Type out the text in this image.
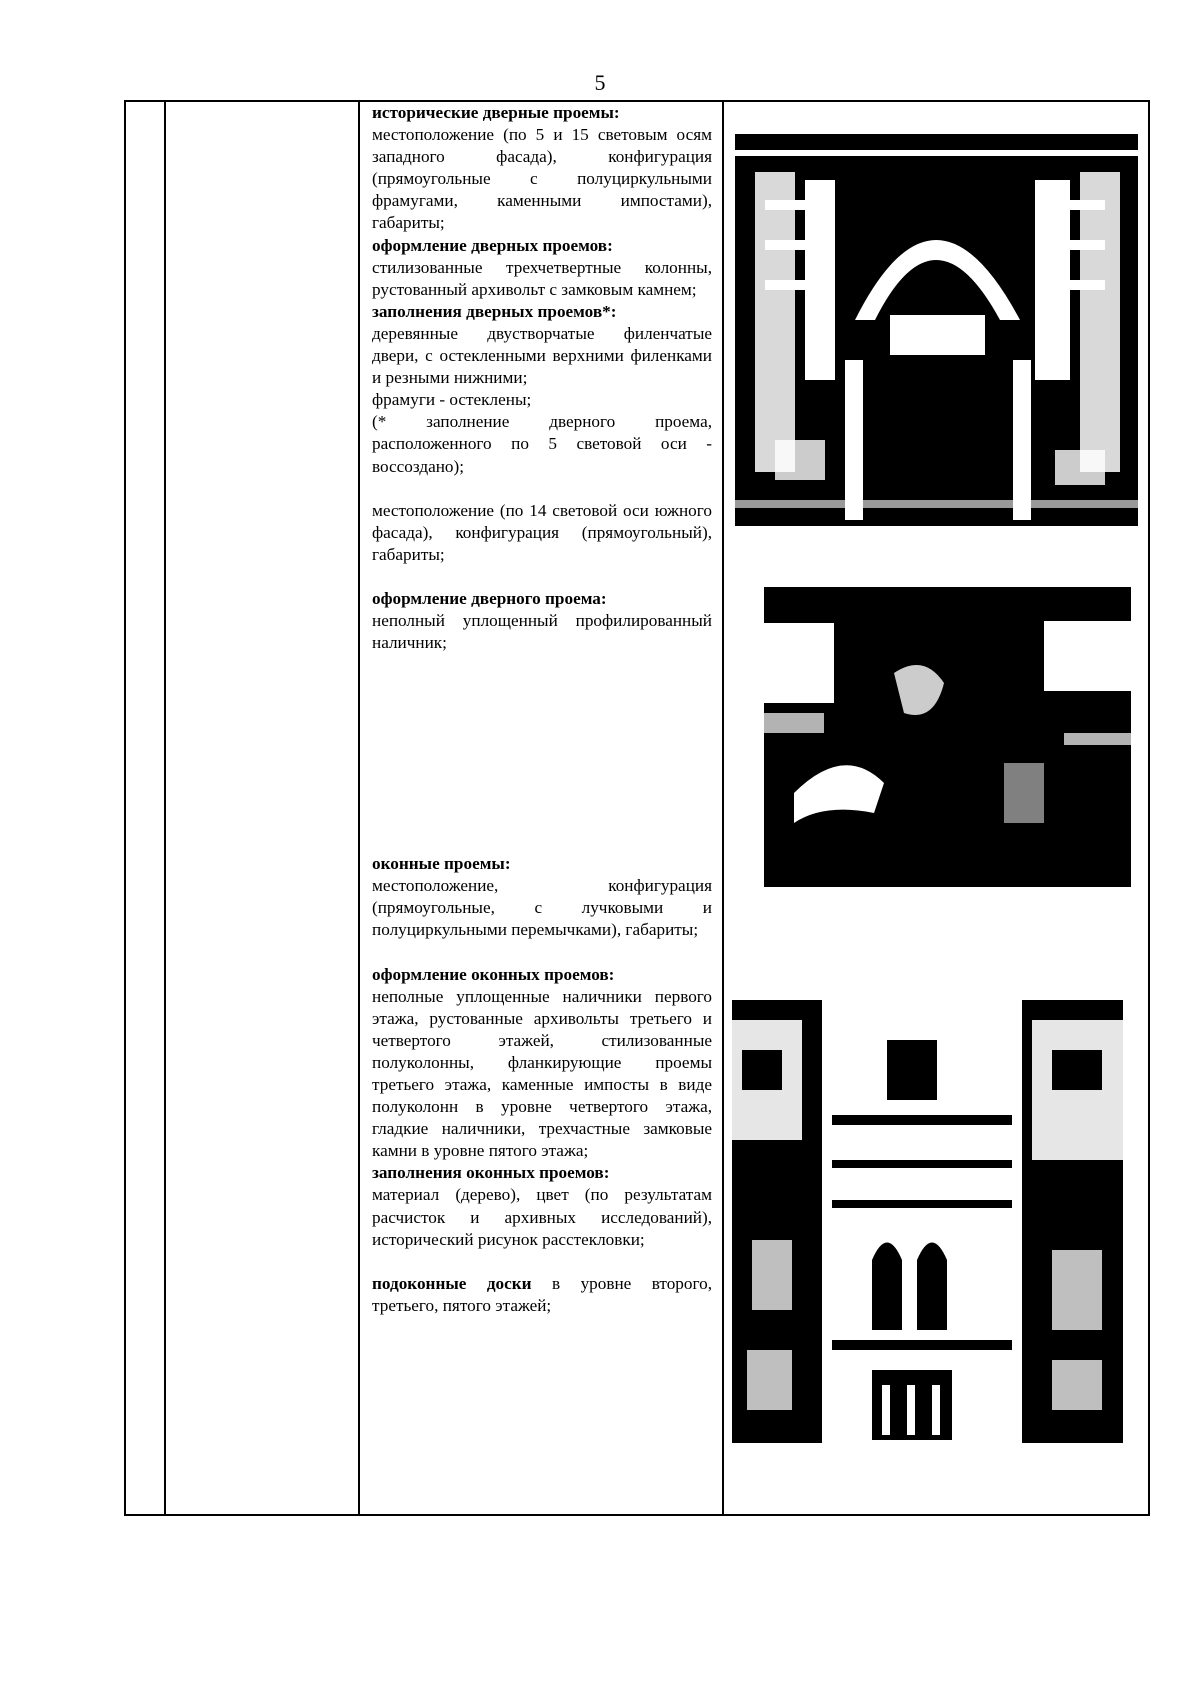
5

исторические дверные проемы:

местоположение (по 5 и 15 световым осям западного фасада), конфигурация (прямоугольные с полуциркульными фрамугами, каменными импостами), габариты;

оформление дверных проемов:

стилизованные трехчетвертные колонны, рустованный архивольт с замковым камнем;

заполнения дверных проемов*:

деревянные двустворчатые филенчатые двери, с остекленными верхними филенками и резными нижними;

фрамуги - остеклены;

(* заполнение дверного проема, расположенного по 5 световой оси - воссоздано);

местоположение (по 14 световой оси южного фасада), конфигурация (прямоугольный), габариты;

оформление дверного проема:

неполный уплощенный профилированный наличник;

оконные проемы:

местоположение, конфигурация (прямоугольные, с лучковыми и полуциркульными перемычками), габариты;

оформление оконных проемов:

неполные уплощенные наличники первого этажа, рустованные архивольты третьего и четвертого этажей, стилизованные полуколонны, фланкирующие проемы третьего этажа, каменные импосты в виде полуколонн в уровне четвертого этажа, гладкие наличники, трехчастные замковые камни в уровне пятого этажа;

заполнения оконных проемов:

материал (дерево), цвет (по результатам расчисток и архивных исследований), исторический рисунок расстекловки;

подоконные доски в уровне второго, третьего, пятого этажей;
